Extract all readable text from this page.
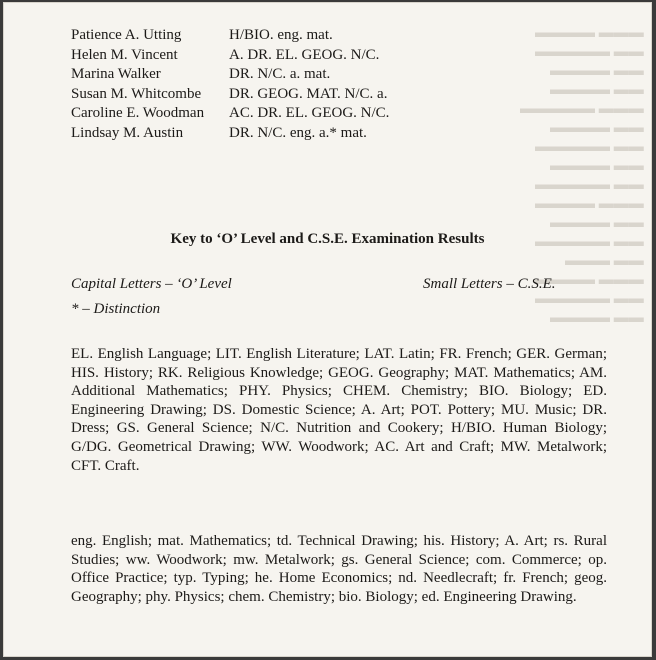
▬▬▬ ▬▬▬▬
▬▬ ▬▬▬▬▬
▬▬ ▬▬▬▬
▬▬ ▬▬▬▬
▬▬▬ ▬▬▬▬▬
▬▬ ▬▬▬▬
▬▬ ▬▬▬▬▬
▬▬ ▬▬▬▬
▬▬ ▬▬▬▬▬
▬▬▬ ▬▬▬▬
▬▬ ▬▬▬▬
▬▬ ▬▬▬▬▬
▬▬ ▬▬▬
▬▬▬ ▬▬▬▬
▬▬ ▬▬▬▬▬
▬▬ ▬▬▬▬
Patience A. Utting	H/BIO. eng. mat.
Helen M. Vincent	A. DR. EL. GEOG. N/C.
Marina Walker	DR. N/C. a. mat.
Susan M. Whitcombe	DR. GEOG. MAT. N/C. a.
Caroline E. Woodman	AC. DR. EL. GEOG. N/C.
Lindsay M. Austin	DR. N/C. eng. a.* mat.
Key to ‘O’ Level and C.S.E. Examination Results
Capital Letters – ‘O’ Level	Small Letters – C.S.E.
* – Distinction
EL. English Language; LIT. English Literature; LAT. Latin; FR. French; GER. German; HIS. History; RK. Religious Knowledge; GEOG. Geography; MAT. Mathematics; AM. Additional Mathematics; PHY. Physics; CHEM. Chemistry; BIO. Biology; ED. Engineering Drawing; DS. Domestic Science; A. Art; POT. Pottery; MU. Music; DR. Dress; GS. General Science; N/C. Nutrition and Cookery; H/BIO. Human Biology; G/DG. Geometrical Drawing; WW. Woodwork; AC. Art and Craft; MW. Metalwork; CFT. Craft.
eng. English; mat. Mathematics; td. Technical Drawing; his. History; A. Art; rs. Rural Studies; ww. Woodwork; mw. Metalwork; gs. General Science; com. Commerce; op. Office Practice; typ. Typing; he. Home Economics; nd. Needlecraft; fr. French; geog. Geography; phy. Physics; chem. Chemistry; bio. Biology; ed. Engineering Drawing.
